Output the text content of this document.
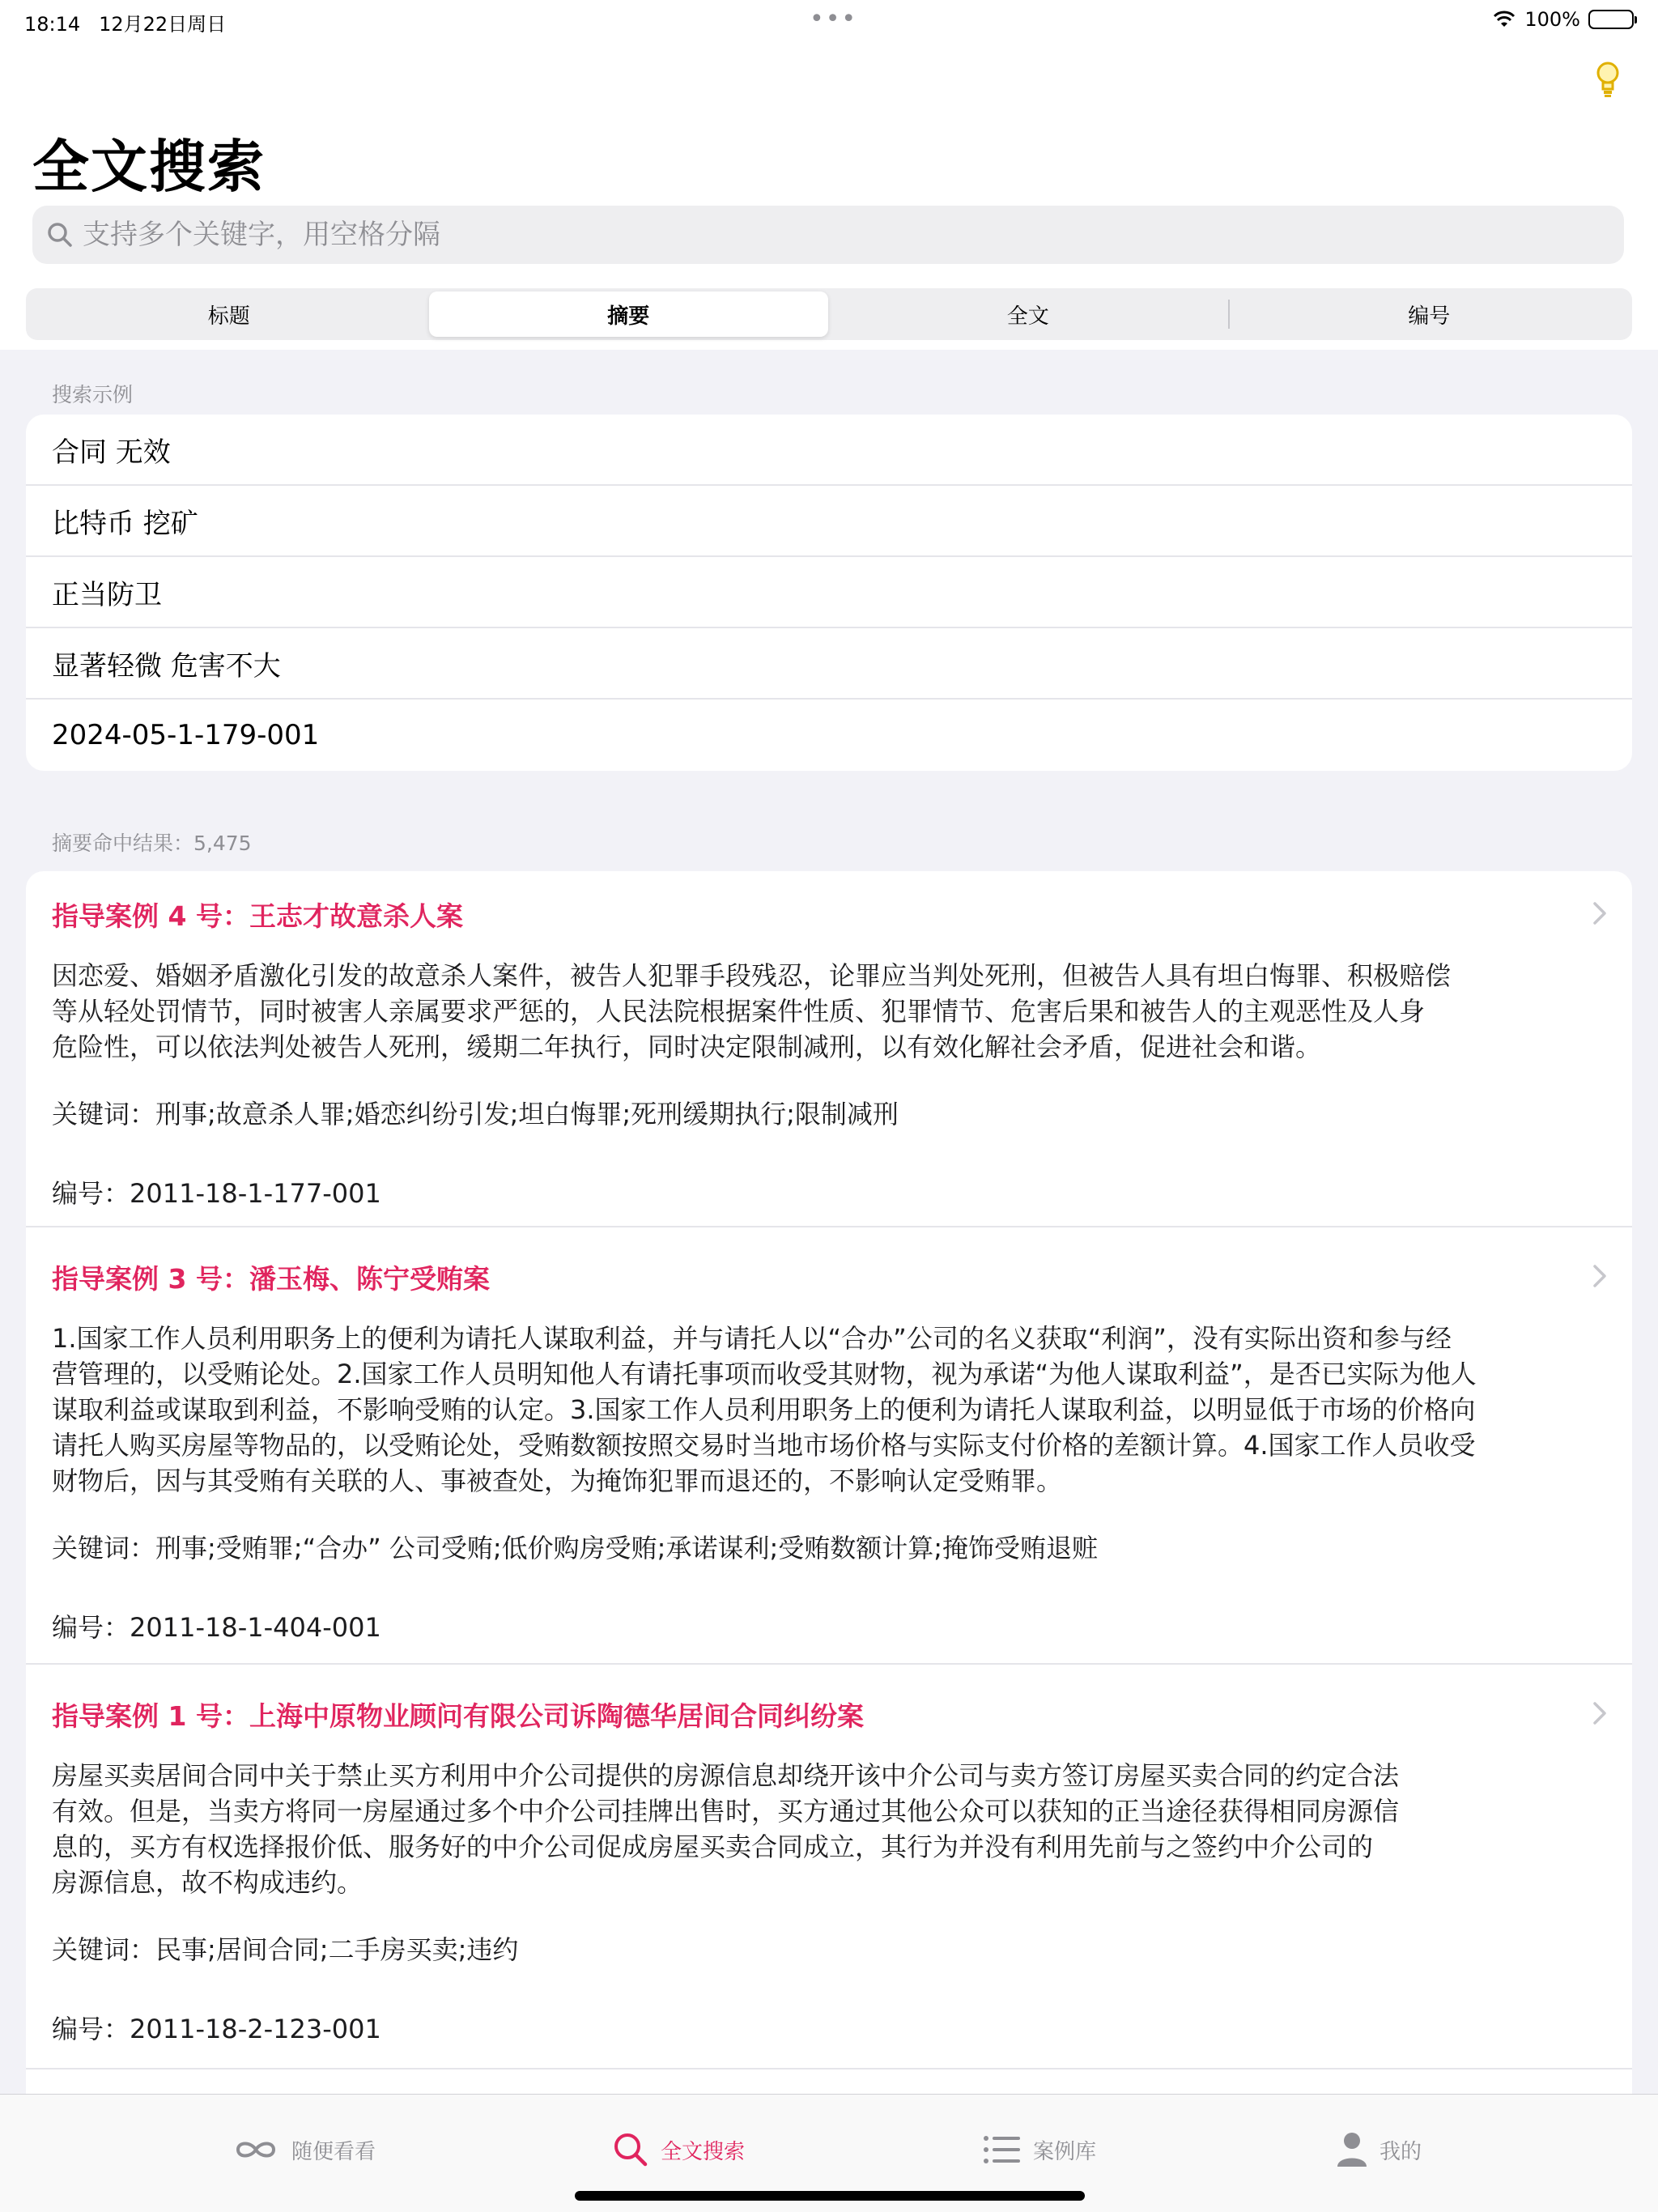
18:14 12月22日周日	•••	100%
全文搜索
支持多个关键字，用空格分隔
标题	摘要	全文	编号
搜索示例
合同 无效
比特币 挖矿
正当防卫
显著轻微 危害不大
2024-05-1-179-001
摘要命中结果：5,475
指导案例 4 号：王志才故意杀人案
因恋爱、婚姻矛盾激化引发的故意杀人案件，被告人犯罪手段残忍，论罪应当判处死刑，但被告人具有坦白悔罪、积极赔偿
等从轻处罚情节，同时被害人亲属要求严惩的，人民法院根据案件性质、犯罪情节、危害后果和被告人的主观恶性及人身
危险性，可以依法判处被告人死刑，缓期二年执行，同时决定限制减刑，以有效化解社会矛盾，促进社会和谐。
关键词：刑事;故意杀人罪;婚恋纠纷引发;坦白悔罪;死刑缓期执行;限制减刑
编号：2011-18-1-177-001
指导案例 3 号：潘玉梅、陈宁受贿案
1.国家工作人员利用职务上的便利为请托人谋取利益，并与请托人以“合办”公司的名义获取“利润”，没有实际出资和参与经
营管理的，以受贿论处。2.国家工作人员明知他人有请托事项而收受其财物，视为承诺“为他人谋取利益”，是否已实际为他人
谋取利益或谋取到利益，不影响受贿的认定。3.国家工作人员利用职务上的便利为请托人谋取利益，以明显低于市场的价格向
请托人购买房屋等物品的，以受贿论处，受贿数额按照交易时当地市场价格与实际支付价格的差额计算。4.国家工作人员收受
财物后，因与其受贿有关联的人、事被查处，为掩饰犯罪而退还的，不影响认定受贿罪。
关键词：刑事;受贿罪;“合办” 公司受贿;低价购房受贿;承诺谋利;受贿数额计算;掩饰受贿退赃
编号：2011-18-1-404-001
指导案例 1 号：上海中原物业顾问有限公司诉陶德华居间合同纠纷案
房屋买卖居间合同中关于禁止买方利用中介公司提供的房源信息却绕开该中介公司与卖方签订房屋买卖合同的约定合法
有效。但是，当卖方将同一房屋通过多个中介公司挂牌出售时，买方通过其他公众可以获知的正当途径获得相同房源信
息的，买方有权选择报价低、服务好的中介公司促成房屋买卖合同成立，其行为并没有利用先前与之签约中介公司的
房源信息，故不构成违约。
关键词：民事;居间合同;二手房买卖;违约
编号：2011-18-2-123-001
随便看看	全文搜索	案例库	我的
